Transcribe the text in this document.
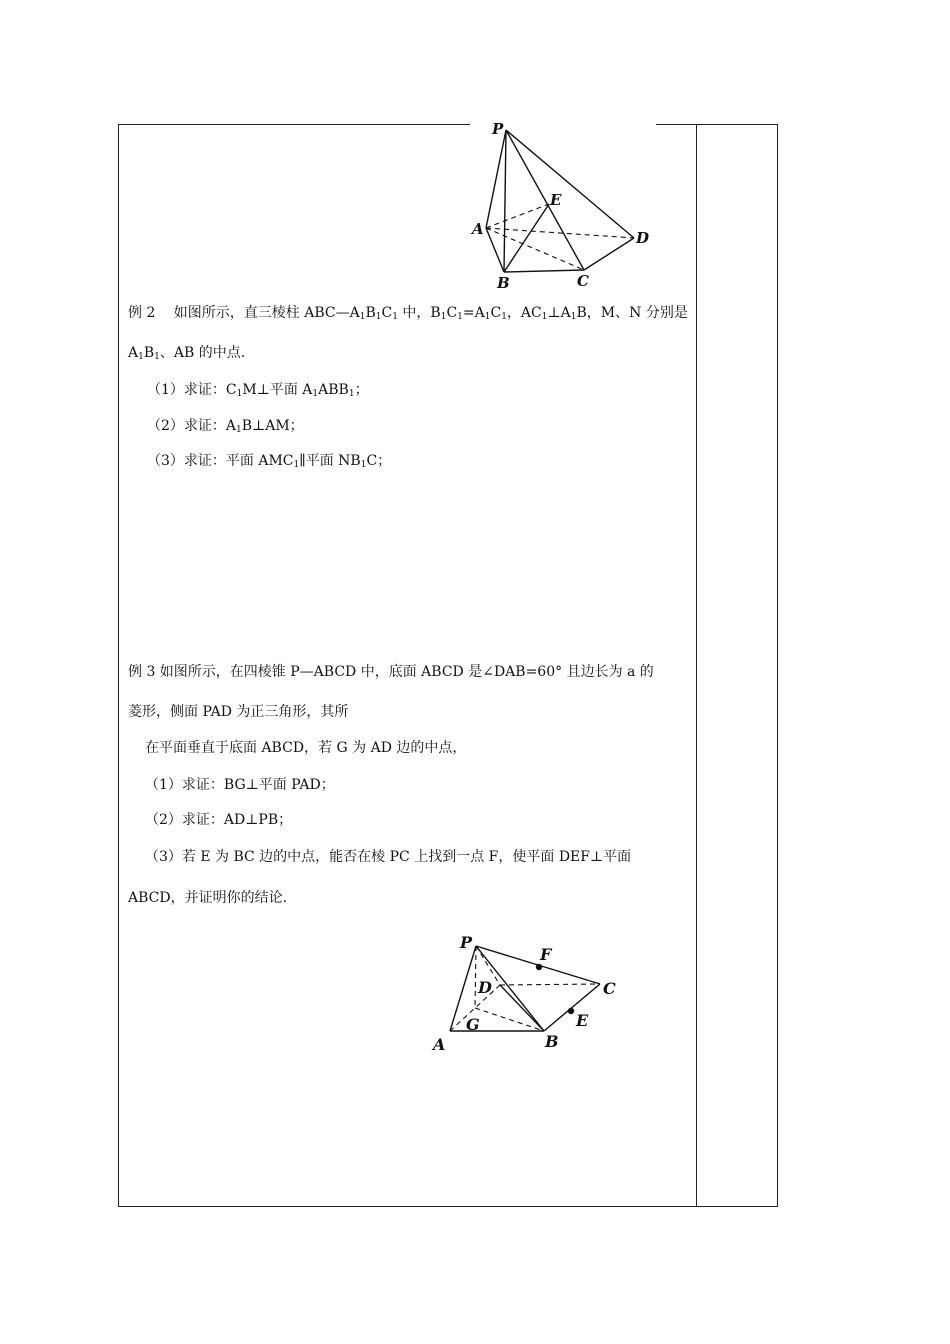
P
E
A	D
B	C
例 2　 如图所示，直三棱柱 $ABC—A_1B_1C_1$ 中，$B_1C_1=A_1C_1$，$AC_1\perp A_1B$，M、N 分别是
$A_1B_1$、AB 的中点.
（1）求证：$C_1M\perp$平面 $A_1ABB_1$；
（2）求证：$A_1B\perp AM$；
（3）求证：平面 $AMC_1\parallel$平面 $NB_1C$；
例 3 如图所示，在四棱锥 P—ABCD 中，底面 ABCD 是∠DAB=60° 且边长为 a 的
菱形，侧面 PAD 为正三角形，其所
在平面垂直于底面 ABCD，若 G 为 AD 边的中点，
（1）求证：BG⊥平面 PAD；
（2）求证：AD⊥PB；
（3）若 E 为 BC 边的中点，能否在棱 PC 上找到一点 F，使平面 DEF⊥平面
ABCD，并证明你的结论.
P
F
C
D
E
G
A	B
